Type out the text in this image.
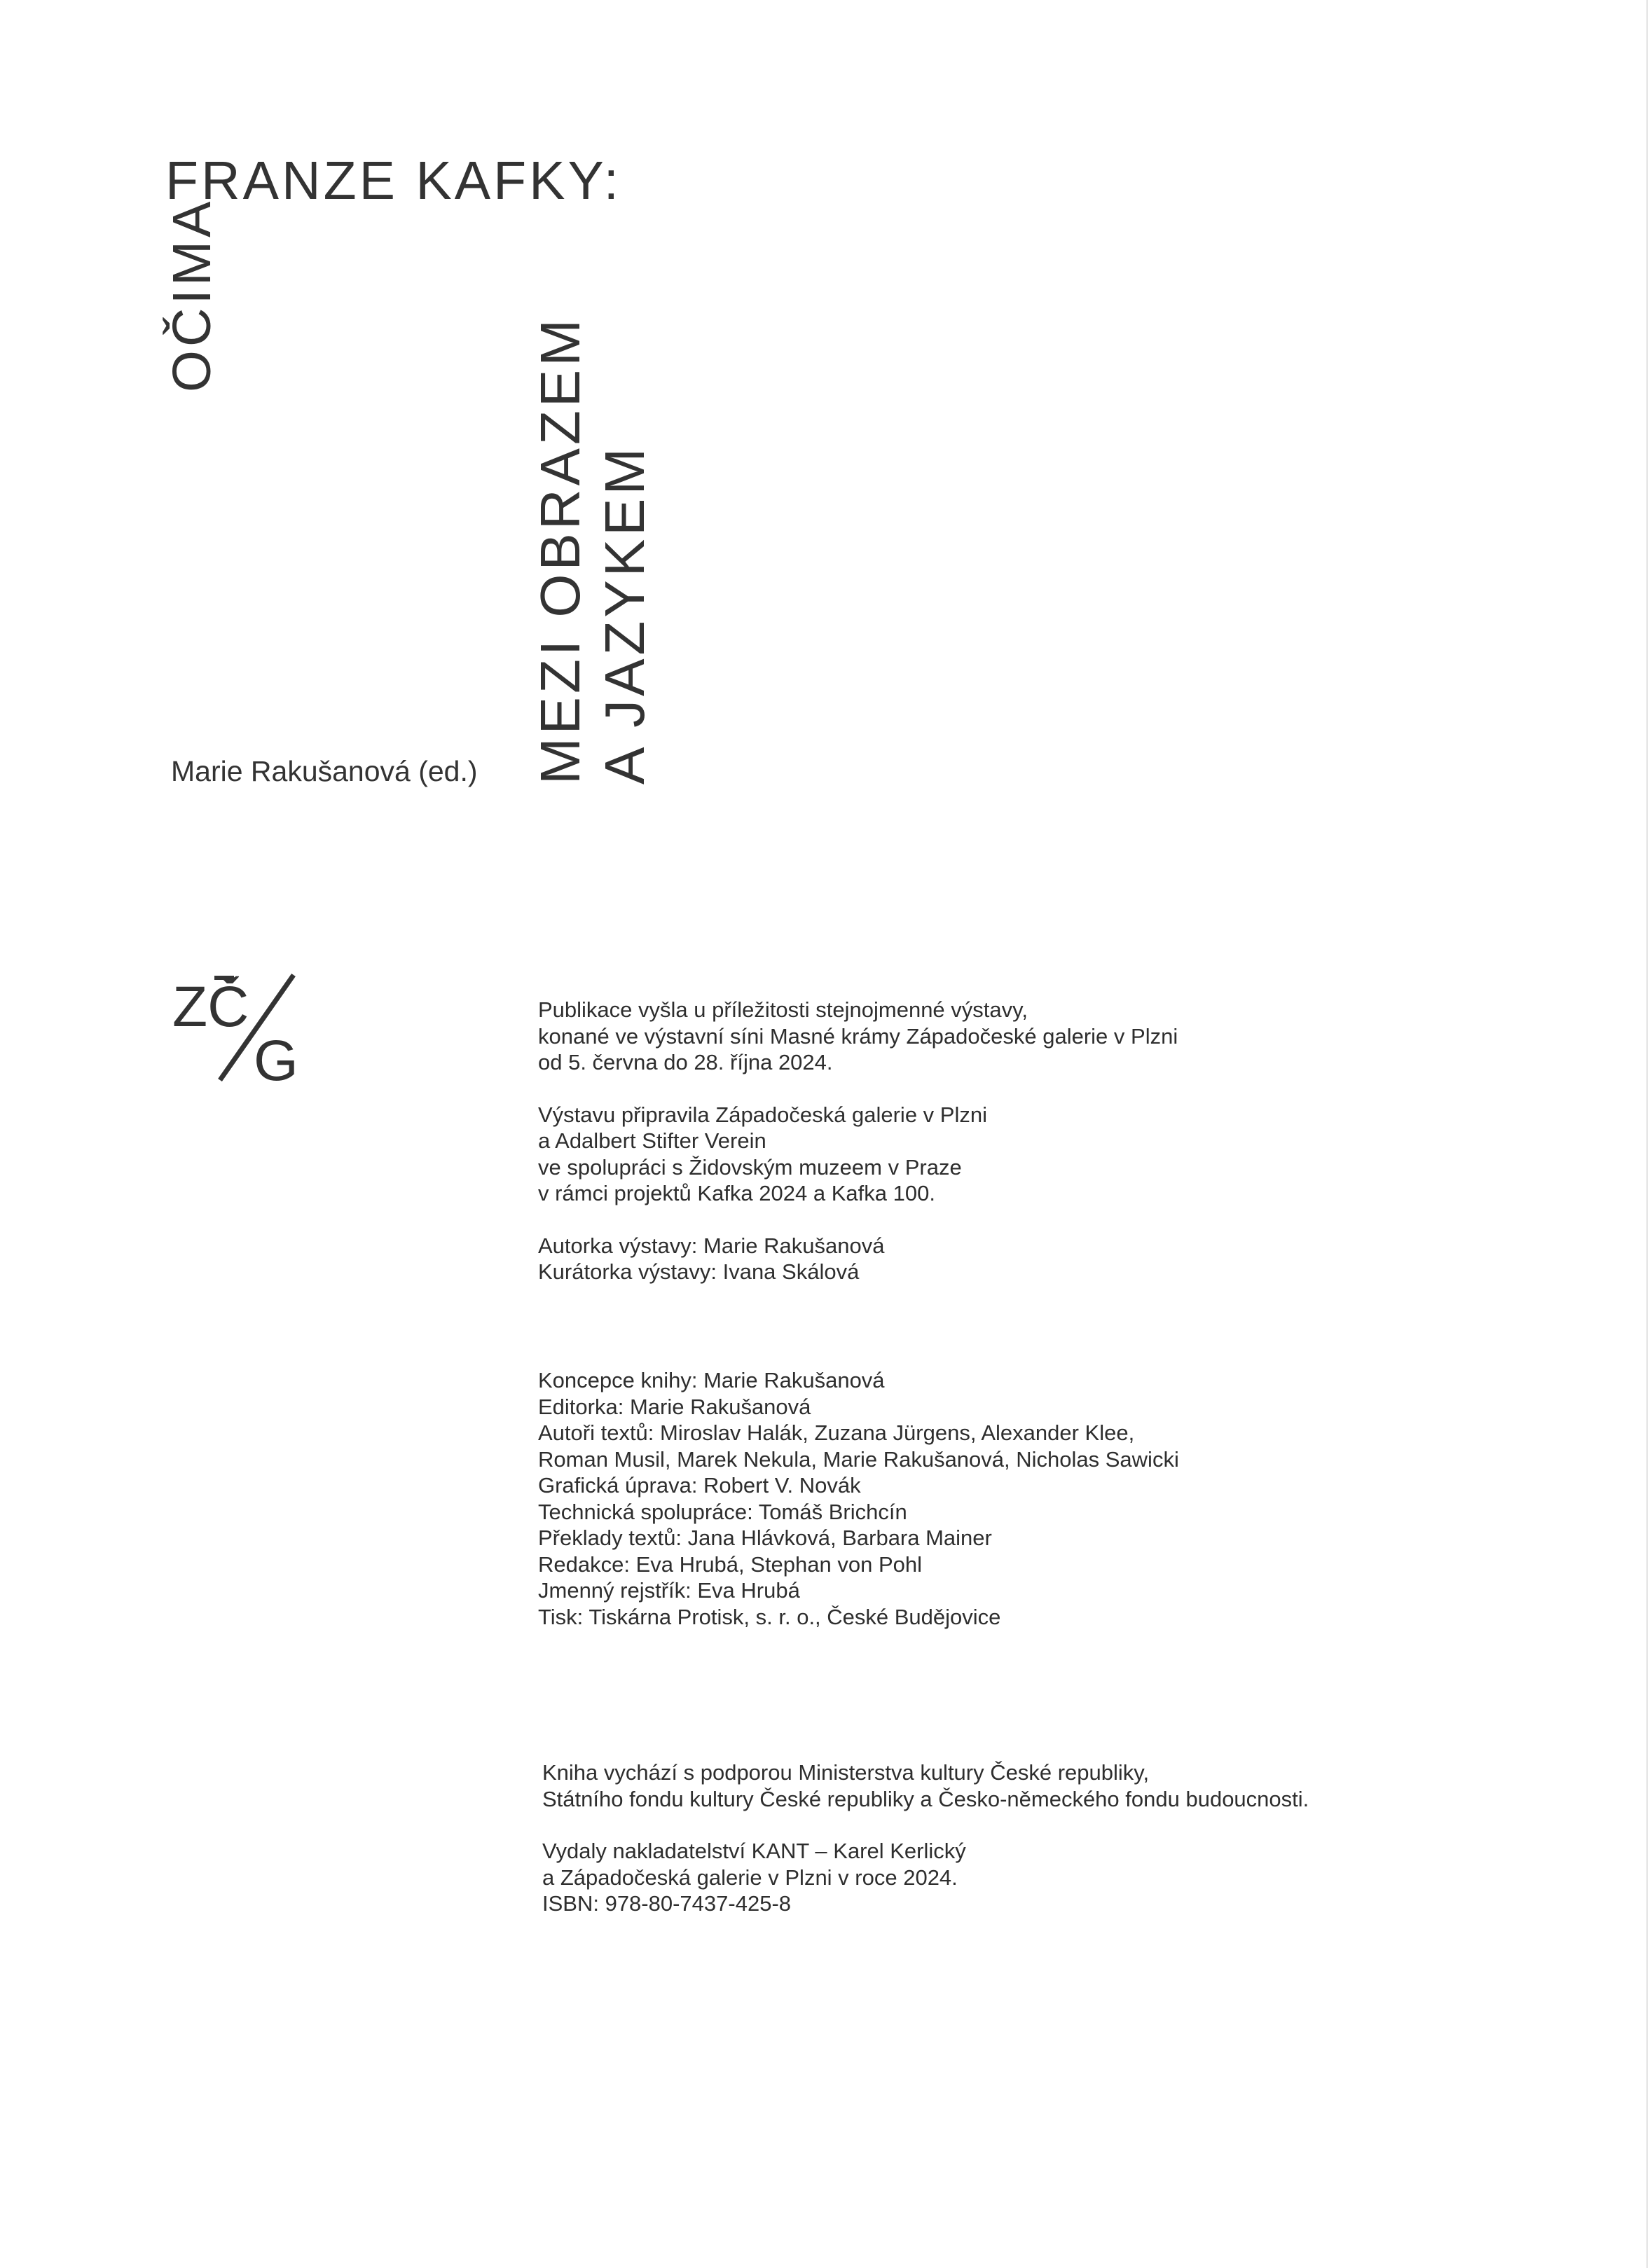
FRANZE KAFKY:
OČIMA
MEZI OBRAZEM A JAZYKEM
Marie Rakušanová (ed.)
ZČ
G

Publikace vyšla u příležitosti stejnojmenné výstavy,

konané ve výstavní síni Masné krámy Západočeské galerie v Plzni

od 5. června do 28. října 2024.

Výstavu připravila Západočeská galerie v Plzni

a Adalbert Stifter Verein

ve spolupráci s Židovským muzeem v Praze

v rámci projektů Kafka 2024 a Kafka 100.

Autorka výstavy: Marie Rakušanová

Kurátorka výstavy: Ivana Skálová

Koncepce knihy: Marie Rakušanová

Editorka: Marie Rakušanová

Autoři textů: Miroslav Halák, Zuzana Jürgens, Alexander Klee,

Roman Musil, Marek Nekula, Marie Rakušanová, Nicholas Sawicki

Grafická úprava: Robert V. Novák

Technická spolupráce: Tomáš Brichcín

Překlady textů: Jana Hlávková, Barbara Mainer

Redakce: Eva Hrubá, Stephan von Pohl

Jmenný rejstřík: Eva Hrubá

Tisk: Tiskárna Protisk, s. r. o., České Budějovice

Kniha vychází s podporou Ministerstva kultury České republiky,

Státního fondu kultury České republiky a Česko-německého fondu budoucnosti.

Vydaly nakladatelství KANT – Karel Kerlický

a Západočeská galerie v Plzni v roce 2024.

ISBN: 978-80-7437-425-8
